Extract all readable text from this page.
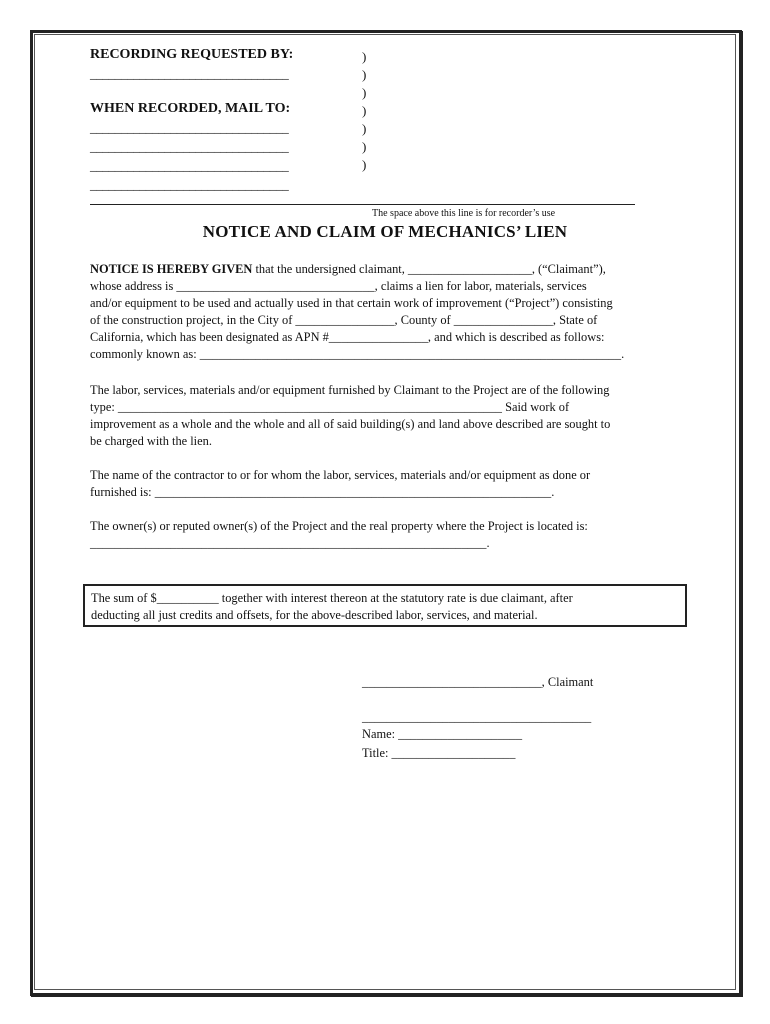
RECORDING REQUESTED BY:
________________________________
WHEN RECORDED, MAIL TO:
________________________________
________________________________
________________________________
________________________________
)
)
)
)
)
)
)
The space above this line is for recorder’s use
NOTICE AND CLAIM OF MECHANICS’ LIEN

NOTICE IS HEREBY GIVEN that the undersigned claimant, ____________________, (“Claimant”),

whose address is ________________________________, claims a lien for labor, materials, services

and/or equipment to be used and actually used in that certain work of improvement (“Project”) consisting

of the construction project, in the City of ________________, County of ________________, State of

California, which has been designated as APN #________________, and which is described as follows:

commonly known as: ____________________________________________________________________.

The labor, services, materials and/or equipment furnished by Claimant to the Project are of the following

type: ______________________________________________________________ Said work of

improvement as a whole and the whole and all of said building(s) and land above described are sought to

be charged with the lien.

The name of the contractor to or for whom the labor, services, materials and/or equipment as done or

furnished is: ________________________________________________________________.

The owner(s) or reputed owner(s) of the Project and the real property where the Project is located is:

________________________________________________________________.

The sum of $__________ together with interest thereon at the statutory rate is due claimant, after
deducting all just credits and offsets, for the above-described labor, services, and material.
_____________________________, Claimant
_____________________________________
Name: ____________________
Title: ____________________
